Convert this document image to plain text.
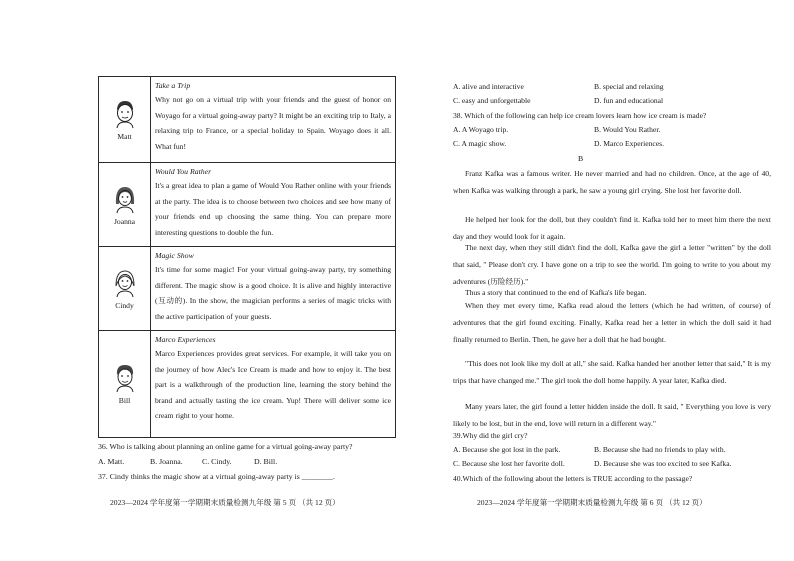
Matt
Take a Trip
Why not go on a virtual trip with your friends and the guest of honor on Woyago for a virtual going-away party? It might be an exciting trip to Italy, a relaxing trip to France, or a special holiday to Spain. Woyago does it all. What fun!
Joanna
Would You Rather
It's a great idea to plan a game of Would You Rather online with your friends at the party. The idea is to choose between two choices and see how many of your friends end up choosing the same thing. You can prepare more interesting questions to double the fun.
Cindy
Magic Show
It's time for some magic! For your virtual going-away party, try something different. The magic show is a good choice. It is alive and highly interactive (互动的). In the show, the magician performs a series of magic tricks with the active participation of your guests.
Bill
Marco Experiences
Marco Experiences provides great services. For example, it will take you on the journey of how Alec's Ice Cream is made and how to enjoy it. The best part is a walkthrough of the production line, learning the story behind the brand and actually tasting the ice cream. Yup! There will deliver some ice cream right to your home.
36. Who is talking about planning an online game for a virtual going-away party?
A. Matt.	B. Joanna.	C. Cindy.	D. Bill.
37. Cindy thinks the magic show at a virtual going-away party is ________.
2023—2024 学年度第一学期期末质量检测九年级 第 5 页 （共 12 页）
A. alive and interactive	B. special and relaxing
C. easy and unforgettable	D. fun and educational
38. Which of the following can help ice cream lovers learn how ice cream is made?
A. A Woyago trip.	B. Would You Rather.
C. A magic show.	D. Marco Experiences.
B
Franz Kafka was a famous writer. He never married and had no children. Once, at the age of 40, when Kafka was walking through a park, he saw a young girl crying. She lost her favorite doll.
He helped her look for the doll, but they couldn't find it. Kafka told her to meet him there the next day and they would look for it again.
The next day, when they still didn't find the doll, Kafka gave the girl a letter "written" by the doll that said, " Please don't cry. I have gone on a trip to see the world. I'm going to write to you about my adventures (历险经历)."
Thus a story that continued to the end of Kafka's life began.
When they met every time, Kafka read aloud the letters (which he had written, of course) of adventures that the girl found exciting. Finally, Kafka read her a letter in which the doll said it had finally returned to Berlin. Then, he gave her a doll that he had bought.
"This does not look like my doll at all," she said. Kafka handed her another letter that said," It is my trips that have changed me." The girl took the doll home happily. A year later, Kafka died.
Many years later, the girl found a letter hidden inside the doll. It said, " Everything you love is very likely to be lost, but in the end, love will return in a different way."
39.Why did the girl cry?
A. Because she got lost in the park.	B. Because she had no friends to play with.
C. Because she lost her favorite doll.	D. Because she was too excited to see Kafka.
40.Which of the following about the letters is TRUE according to the passage?
2023—2024 学年度第一学期期末质量检测九年级 第 6 页 （共 12 页）
